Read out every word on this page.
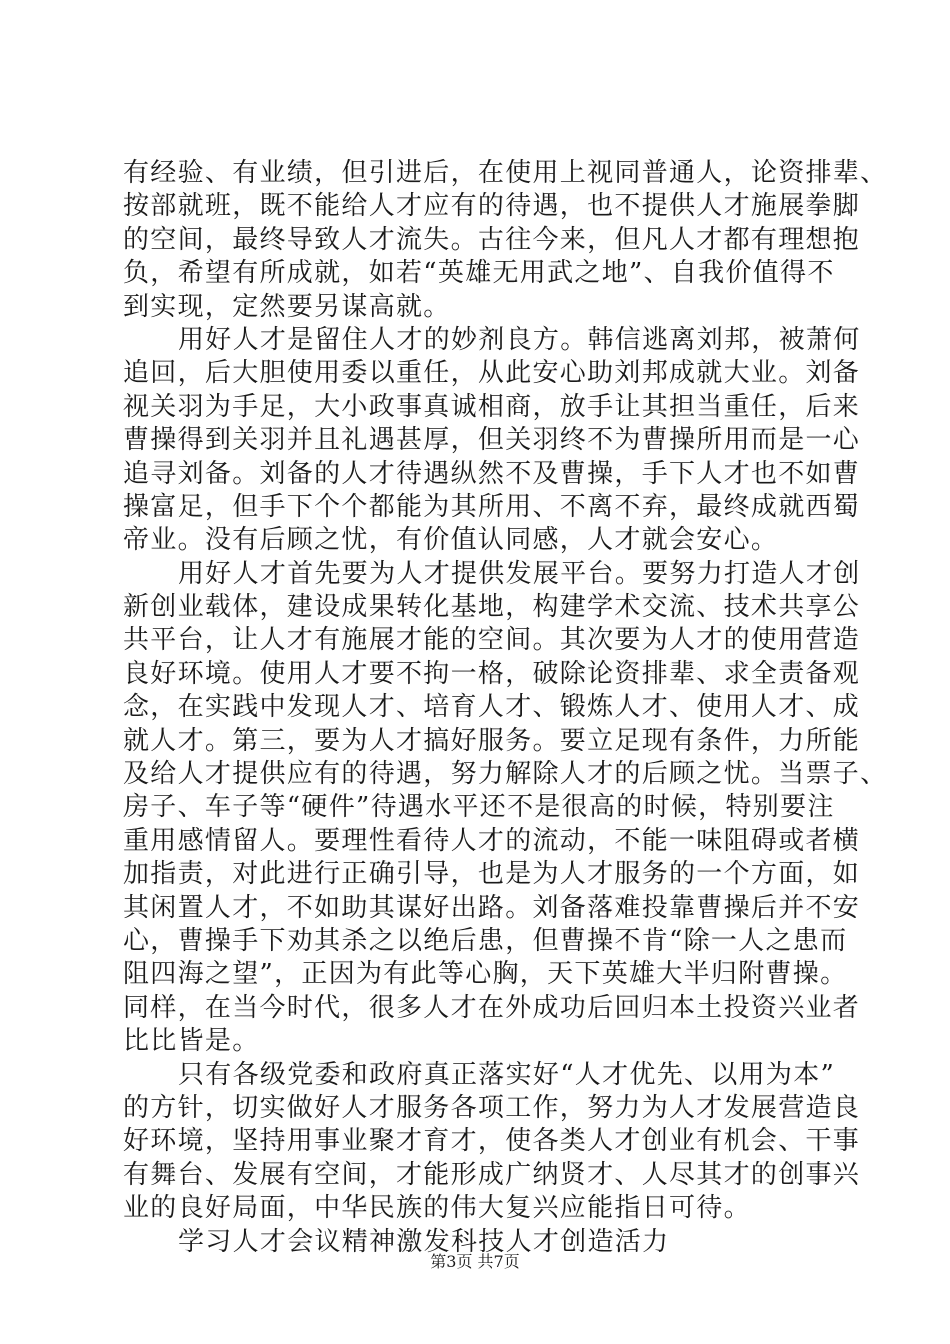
有经验、有业绩，但引进后，在使用上视同普通人，论资排辈、
按部就班，既不能给人才应有的待遇，也不提供人才施展拳脚
的空间，最终导致人才流失。古往今来，但凡人才都有理想抱
负，希望有所成就，如若“英雄无用武之地”、自我价值得不
到实现，定然要另谋高就。
用好人才是留住人才的妙剂良方。韩信逃离刘邦，被萧何
追回，后大胆使用委以重任，从此安心助刘邦成就大业。刘备
视关羽为手足，大小政事真诚相商，放手让其担当重任，后来
曹操得到关羽并且礼遇甚厚，但关羽终不为曹操所用而是一心
追寻刘备。刘备的人才待遇纵然不及曹操，手下人才也不如曹
操富足，但手下个个都能为其所用、不离不弃，最终成就西蜀
帝业。没有后顾之忧，有价值认同感，人才就会安心。
用好人才首先要为人才提供发展平台。要努力打造人才创
新创业载体，建设成果转化基地，构建学术交流、技术共享公
共平台，让人才有施展才能的空间。其次要为人才的使用营造
良好环境。使用人才要不拘一格，破除论资排辈、求全责备观
念，在实践中发现人才、培育人才、锻炼人才、使用人才、成
就人才。第三，要为人才搞好服务。要立足现有条件，力所能
及给人才提供应有的待遇，努力解除人才的后顾之忧。当票子、
房子、车子等“硬件”待遇水平还不是很高的时候，特别要注
重用感情留人。要理性看待人才的流动，不能一味阻碍或者横
加指责，对此进行正确引导，也是为人才服务的一个方面，如
其闲置人才，不如助其谋好出路。刘备落难投靠曹操后并不安
心，曹操手下劝其杀之以绝后患，但曹操不肯“除一人之患而
阻四海之望”，正因为有此等心胸，天下英雄大半归附曹操。
同样，在当今时代，很多人才在外成功后回归本土投资兴业者
比比皆是。
只有各级党委和政府真正落实好“人才优先、以用为本”
的方针，切实做好人才服务各项工作，努力为人才发展营造良
好环境，坚持用事业聚才育才，使各类人才创业有机会、干事
有舞台、发展有空间，才能形成广纳贤才、人尽其才的创事兴
业的良好局面，中华民族的伟大复兴应能指日可待。
学习人才会议精神激发科技人才创造活力
第3页 共7页
